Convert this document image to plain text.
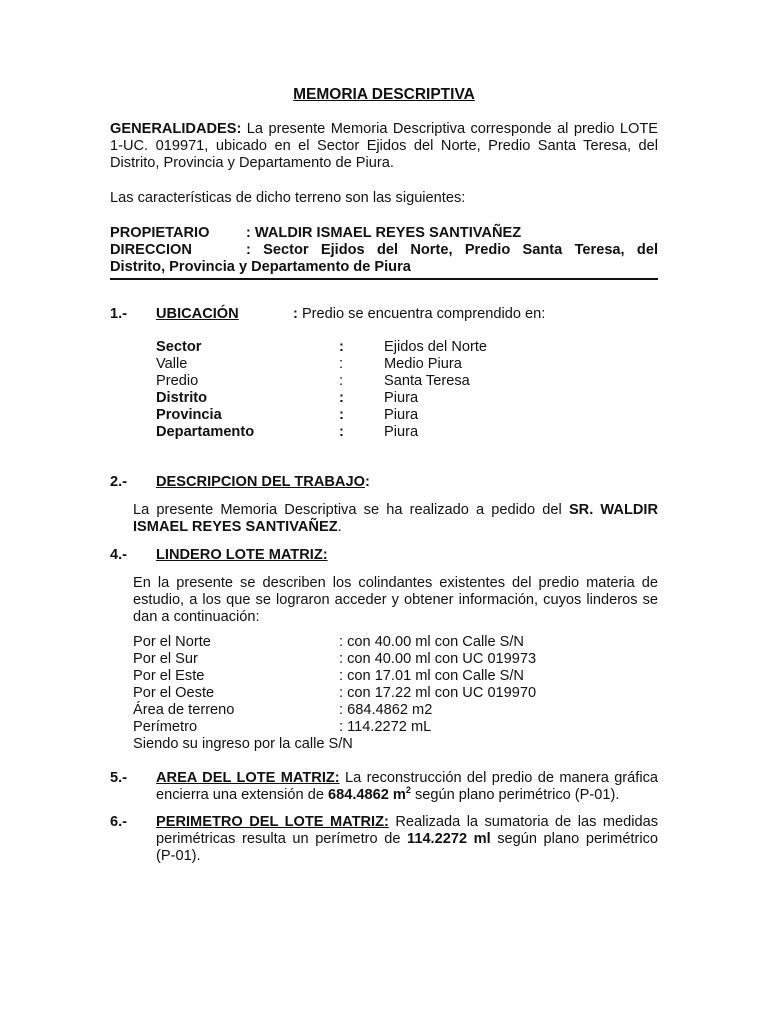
MEMORIA DESCRIPTIVA

GENERALIDADES: La presente Memoria Descriptiva corresponde al predio LOTE 1-UC. 019971, ubicado en el Sector Ejidos del Norte, Predio Santa Teresa, del Distrito, Provincia y Departamento de Piura.

Las características de dicho terreno son las siguientes:

PROPIETARIO	: WALDIR ISMAEL REYES SANTIVAÑEZ
DIRECCION	: Sector Ejidos del Norte, Predio Santa Teresa, del
Distrito, Provincia y Departamento de Piura
1.-	UBICACIÓN	: Predio se encuentra comprendido en:
Sector	:	Ejidos del Norte
Valle	:	Medio Piura
Predio	:	Santa Teresa
Distrito	:	Piura
Provincia	:	Piura
Departamento	:	Piura
2.-	DESCRIPCION DEL TRABAJO:

La presente Memoria Descriptiva se ha realizado a pedido del SR. WALDIR ISMAEL REYES SANTIVAÑEZ.

4.-	LINDERO LOTE MATRIZ:

En la presente se describen los colindantes existentes del predio materia de estudio, a los que se lograron acceder y obtener información, cuyos linderos se dan a continuación:

Por el Norte	: con 40.00 ml con Calle S/N
Por el Sur	: con 40.00 ml con UC 019973
Por el Este	: con 17.01 ml con Calle S/N
Por el Oeste	: con 17.22 ml con UC 019970
Área de terreno	: 684.4862 m2
Perímetro	: 114.2272 mL
Siendo su ingreso por la calle S/N
5.-	AREA DEL LOTE MATRIZ: La reconstrucción del predio de manera gráfica encierra una extensión de 684.4862 $m^2$ según plano perimétrico (P-01).

6.-	PERIMETRO DEL LOTE MATRIZ: Realizada la sumatoria de las medidas perimétricas resulta un perímetro de 114.2272 ml según plano perimétrico (P-01).
